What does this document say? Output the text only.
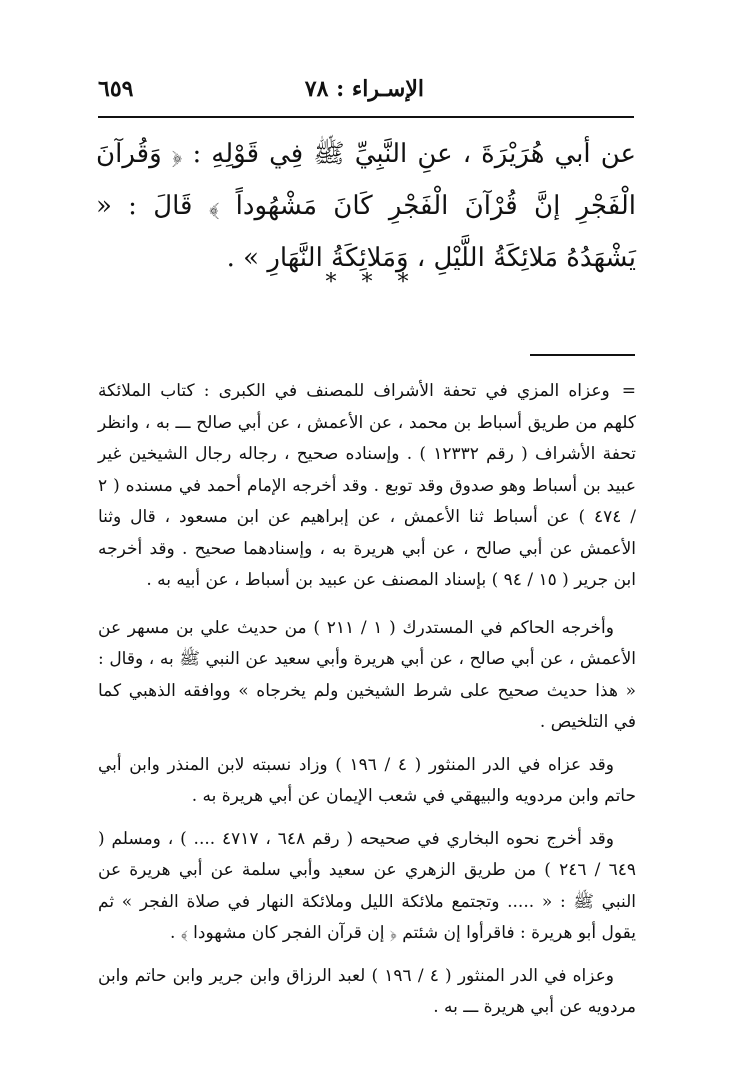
الإسـراء : ٧٨
٦٥٩

عن أبي هُرَيْرَةَ ، عنِ النَّبِيِّ ﷺ فِي قَوْلِهِ : ﴿ وَقُرآنَ الْفَجْرِ إنَّ قُرْآنَ الْفَجْرِ كَانَ مَشْهُوداً ﴾ قَالَ : « يَشْهَدُهُ مَلائِكَةُ اللَّيْلِ ، وَمَلائِكَةُ النَّهَارِ » .

* * *

=وعزاه المزي في تحفة الأشراف للمصنف في الكبرى : كتاب الملائكة كلهم من طريق أسباط بن محمد ، عن الأعمش ، عن أبي صالح ـــ به ، وانظر تحفة الأشراف ( رقم ١٢٣٣٢ ) . وإسناده صحيح ، رجاله رجال الشيخين غير عبيد بن أسباط وهو صدوق وقد توبع . وقد أخرجه الإمام أحمد في مسنده ( ٢ / ٤٧٤ ) عن أسباط ثنا الأعمش ، عن إبراهيم عن ابن مسعود ، قال وثنا الأعمش عن أبي صالح ، عن أبي هريرة به ، وإسنادهما صحيح . وقد أخرجه ابن جرير ( ١٥ / ٩٤ ) بإسناد المصنف عن عبيد بن أسباط ، عن أبيه به .

وأخرجه الحاكم في المستدرك ( ١ / ٢١١ ) من حديث علي بن مسهر عن الأعمش ، عن أبي صالح ، عن أبي هريرة وأبي سعيد عن النبي ﷺ به ، وقال : « هذا حديث صحيح على شرط الشيخين ولم يخرجاه » ووافقه الذهبي كما في التلخيص .

وقد عزاه في الدر المنثور ( ٤ / ١٩٦ ) وزاد نسبته لابن المنذر وابن أبي حاتم وابن مردويه والبيهقي في شعب الإيمان عن أبي هريرة به .

وقد أخرج نحوه البخاري في صحيحه ( رقم ٦٤٨ ، ٤٧١٧ .... ) ، ومسلم ( ٦٤٩ / ٢٤٦ ) من طريق الزهري عن سعيد وأبي سلمة عن أبي هريرة عن النبي ﷺ : « ..... وتجتمع ملائكة الليل وملائكة النهار في صلاة الفجر » ثم يقول أبو هريرة : فاقرأوا إن شئتم ﴿ إن قرآن الفجر كان مشهودا ﴾ .

وعزاه في الدر المنثور ( ٤ / ١٩٦ ) لعبد الرزاق وابن جرير وابن حاتم وابن مردويه عن أبي هريرة ـــ به .
